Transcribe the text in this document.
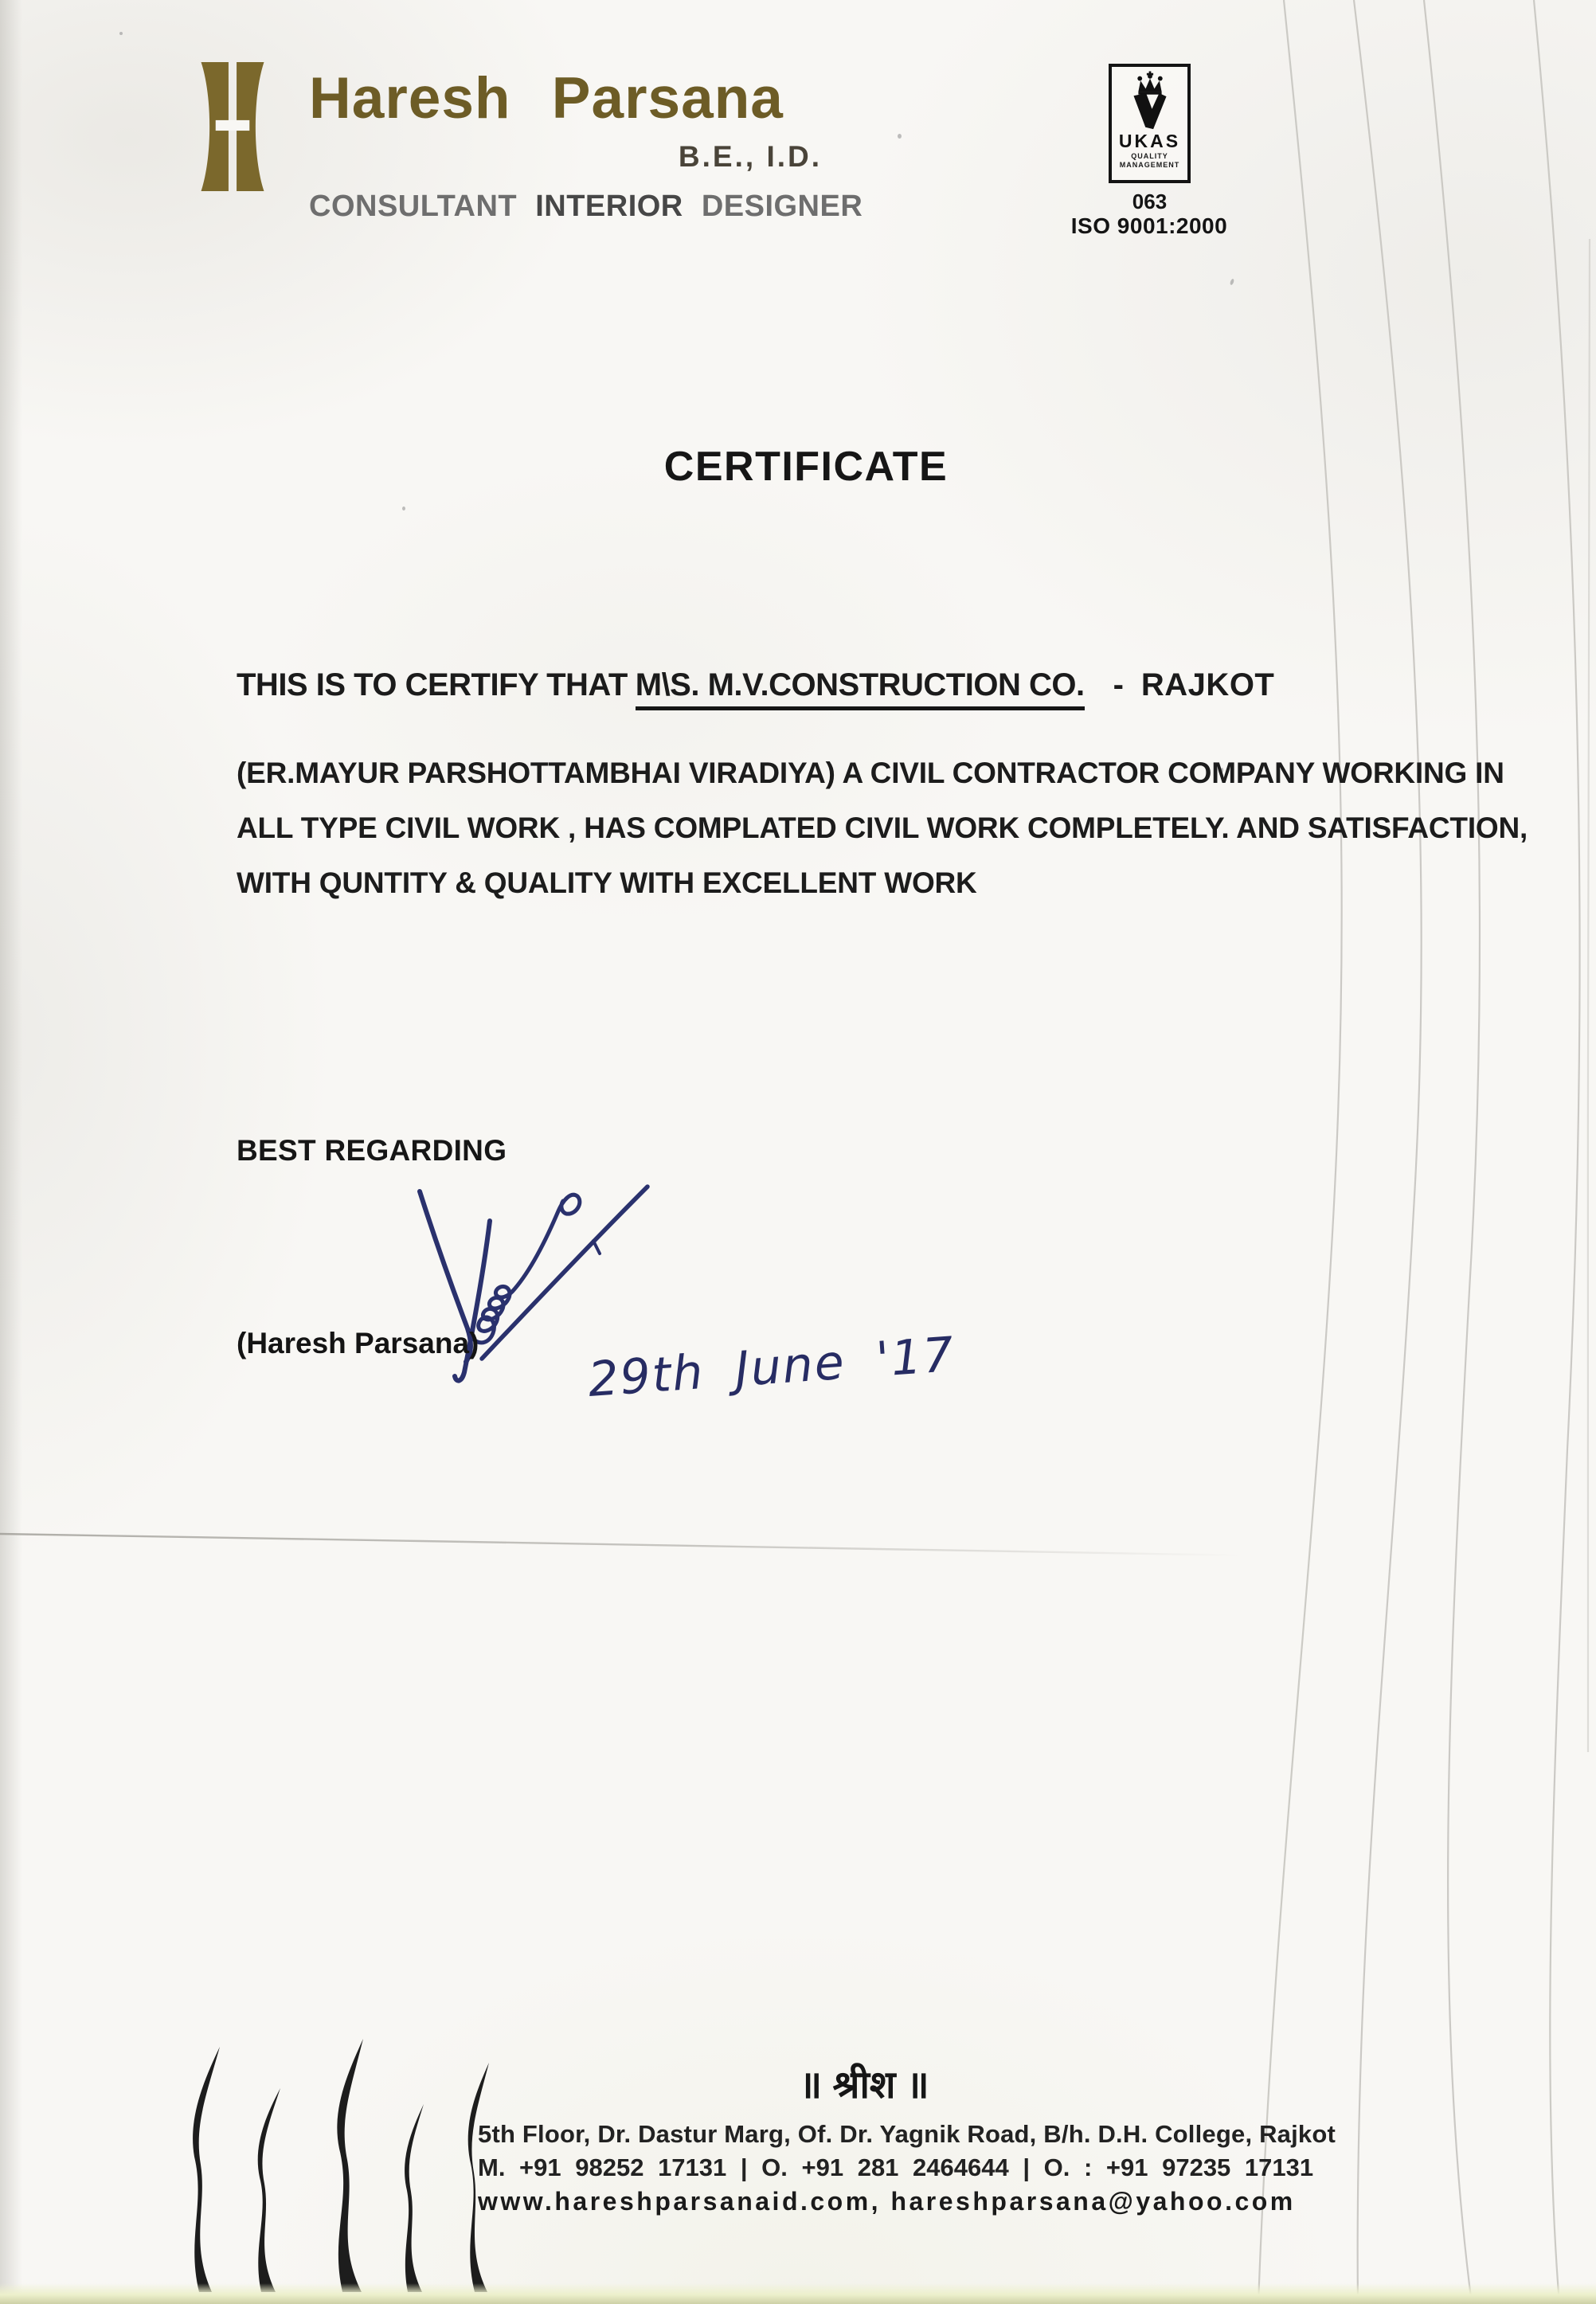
Haresh Parsana
B.E., I.D.
CONSULTANT INTERIOR DESIGNER
UKAS
QUALITY
MANAGEMENT
063
ISO 9001:2000
CERTIFICATE
THIS IS TO CERTIFY THAT M\S. M.V.CONSTRUCTION CO. - RAJKOT
(ER.MAYUR PARSHOTTAMBHAI VIRADIYA) A CIVIL CONTRACTOR COMPANY WORKING IN
ALL TYPE CIVIL WORK , HAS COMPLATED CIVIL WORK COMPLETELY. AND SATISFACTION,
WITH QUNTITY & QUALITY WITH EXCELLENT WORK
BEST REGARDING
(Haresh Parsana) 29th June '17
॥ श्रीश ॥
5th Floor, Dr. Dastur Marg, Of. Dr. Yagnik Road, B/h. D.H. College, Rajkot
M. +91 98252 17131 | O. +91 281 2464644 | O. : +91 97235 17131
www.hareshparsanaid.com, hareshparsana@yahoo.com
